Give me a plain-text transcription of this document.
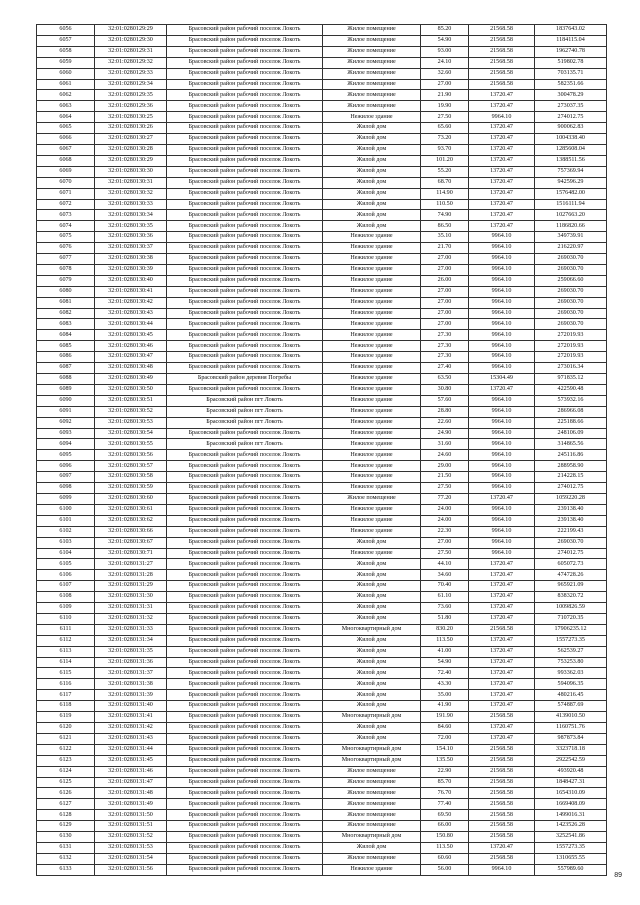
6056	32:01:0280129:29	Брасовский район рабочий поселок Локоть	Жилое помещение	85.20	21568.58	1837643.02
6057	32:01:0280129:30	Брасовский район рабочий поселок Локоть	Жилое помещение	54.90	21568.58	1184115.04
6058	32:01:0280129:31	Брасовский район рабочий поселок Локоть	Жилое помещение	93.00	21568.58	1962740.78
6059	32:01:0280129:32	Брасовский район рабочий поселок Локоть	Жилое помещение	24.10	21568.58	519802.78
6060	32:01:0280129:33	Брасовский район рабочий поселок Локоть	Жилое помещение	32.60	21568.58	703135.71
6061	32:01:0280129:34	Брасовский район рабочий поселок Локоть	Жилое помещение	27.00	21568.58	582351.66
6062	32:01:0280129:35	Брасовский район рабочий поселок Локоть	Жилое помещение	21.90	13720.47	300478.29
6063	32:01:0280129:36	Брасовский район рабочий поселок Локоть	Жилое помещение	19.90	13720.47	273037.35
6064	32:01:0280130:25	Брасовский район рабочий поселок Локоть	Нежилое здание	27.50	9964.10	274012.75
6065	32:01:0280130:26	Брасовский район рабочий поселок Локоть	Жилой дом	65.60	13720.47	900062.83
6066	32:01:0280130:27	Брасовский район рабочий поселок Локоть	Жилой дом	73.20	13720.47	1004338.40
6067	32:01:0280130:28	Брасовский район рабочий поселок Локоть	Жилой дом	93.70	13720.47	1285608.04
6068	32:01:0280130:29	Брасовский район рабочий поселок Локоть	Жилой дом	101.20	13720.47	1388511.56
6069	32:01:0280130:30	Брасовский район рабочий поселок Локоть	Жилой дом	55.20	13720.47	757369.94
6070	32:01:0280130:31	Брасовский район рабочий поселок Локоть	Жилой дом	68.70	13720.47	942596.29
6071	32:01:0280130:32	Брасовский район рабочий поселок Локоть	Жилой дом	114.90	13720.47	1576482.00
6072	32:01:0280130:33	Брасовский район рабочий поселок Локоть	Жилой дом	110.50	13720.47	1516111.94
6073	32:01:0280130:34	Брасовский район рабочий поселок Локоть	Жилой дом	74.90	13720.47	1027663.20
6074	32:01:0280130:35	Брасовский район рабочий поселок Локоть	Жилой дом	86.50	13720.47	1186820.66
6075	32:01:0280130:36	Брасовский район рабочий поселок Локоть	Нежилое здание	35.10	9964.10	349739.91
6076	32:01:0280130:37	Брасовский район рабочий поселок Локоть	Нежилое здание	21.70	9964.10	216220.97
6077	32:01:0280130:38	Брасовский район рабочий поселок Локоть	Нежилое здание	27.00	9964.10	269030.70
6078	32:01:0280130:39	Брасовский район рабочий поселок Локоть	Нежилое здание	27.00	9964.10	269030.70
6079	32:01:0280130:40	Брасовский район рабочий поселок Локоть	Нежилое здание	26.00	9964.10	259066.60
6080	32:01:0280130:41	Брасовский район рабочий поселок Локоть	Нежилое здание	27.00	9964.10	269030.70
6081	32:01:0280130:42	Брасовский район рабочий поселок Локоть	Нежилое здание	27.00	9964.10	269030.70
6082	32:01:0280130:43	Брасовский район рабочий поселок Локоть	Нежилое здание	27.00	9964.10	269030.70
6083	32:01:0280130:44	Брасовский район рабочий поселок Локоть	Нежилое здание	27.00	9964.10	269030.70
6084	32:01:0280130:45	Брасовский район рабочий поселок Локоть	Нежилое здание	27.30	9964.10	272019.93
6085	32:01:0280130:46	Брасовский район рабочий поселок Локоть	Нежилое здание	27.30	9964.10	272019.93
6086	32:01:0280130:47	Брасовский район рабочий поселок Локоть	Нежилое здание	27.30	9964.10	272019.93
6087	32:01:0280130:48	Брасовский район рабочий поселок Локоть	Нежилое здание	27.40	9964.10	273016.34
6088	32:01:0280130:49	Брасовский район деревня Погребы	Нежилое здание	63.50	15304.49	971835.12
6089	32:01:0280130:50	Брасовский район рабочий поселок Локоть	Нежилое здание	30.80	13720.47	422590.48
6090	32:01:0280130:51	Брасовский район пгт Локоть	Нежилое здание	57.60	9964.10	573932.16
6091	32:01:0280130:52	Брасовский район пгт Локоть	Нежилое здание	28.80	9964.10	286966.08
6092	32:01:0280130:53	Брасовский район пгт Локоть	Нежилое здание	22.60	9964.10	225188.66
6093	32:01:0280130:54	Брасовский район рабочий поселок Локоть	Нежилое здание	24.90	9964.10	248106.09
6094	32:01:0280130:55	Брасовский район пгт Локоть	Нежилое здание	31.60	9964.10	314865.56
6095	32:01:0280130:56	Брасовский район рабочий поселок Локоть	Нежилое здание	24.60	9964.10	245116.86
6096	32:01:0280130:57	Брасовский район рабочий поселок Локоть	Нежилое здание	29.00	9964.10	288958.90
6097	32:01:0280130:58	Брасовский район рабочий поселок Локоть	Нежилое здание	21.50	9964.10	214228.15
6098	32:01:0280130:59	Брасовский район рабочий поселок Локоть	Нежилое здание	27.50	9964.10	274012.75
6099	32:01:0280130:60	Брасовский район рабочий поселок Локоть	Жилое помещение	77.20	13720.47	1059220.28
6100	32:01:0280130:61	Брасовский район рабочий поселок Локоть	Нежилое здание	24.00	9964.10	239138.40
6101	32:01:0280130:62	Брасовский район рабочий поселок Локоть	Нежилое здание	24.00	9964.10	239138.40
6102	32:01:0280130:66	Брасовский район рабочий поселок Локоть	Нежилое здание	22.30	9964.10	222199.43
6103	32:01:0280130:67	Брасовский район рабочий поселок Локоть	Жилой дом	27.00	9964.10	269030.70
6104	32:01:0280130:71	Брасовский район рабочий поселок Локоть	Нежилое здание	27.50	9964.10	274012.75
6105	32:01:0280131:27	Брасовский район рабочий поселок Локоть	Жилой дом	44.10	13720.47	605072.73
6106	32:01:0280131:28	Брасовский район рабочий поселок Локоть	Жилой дом	34.60	13720.47	474728.26
6107	32:01:0280131:29	Брасовский район рабочий поселок Локоть	Жилой дом	70.40	13720.47	965921.09
6108	32:01:0280131:30	Брасовский район рабочий поселок Локоть	Жилой дом	61.10	13720.47	838320.72
6109	32:01:0280131:31	Брасовский район рабочий поселок Локоть	Жилой дом	73.60	13720.47	1009826.59
6110	32:01:0280131:32	Брасовский район рабочий поселок Локоть	Жилой дом	51.80	13720.47	710720.35
6111	32:01:0280131:33	Брасовский район рабочий поселок Локоть	Многоквартирный дом	830.20	21568.58	17906235.12
6112	32:01:0280131:34	Брасовский район рабочий поселок Локоть	Жилой дом	113.50	13720.47	1557273.35
6113	32:01:0280131:35	Брасовский район рабочий поселок Локоть	Жилой дом	41.00	13720.47	562539.27
6114	32:01:0280131:36	Брасовский район рабочий поселок Локоть	Жилой дом	54.90	13720.47	753253.80
6115	32:01:0280131:37	Брасовский район рабочий поселок Локоть	Жилой дом	72.40	13720.47	993362.03
6116	32:01:0280131:38	Брасовский район рабочий поселок Локоть	Жилой дом	43.30	13720.47	594096.35
6117	32:01:0280131:39	Брасовский район рабочий поселок Локоть	Жилой дом	35.00	13720.47	480216.45
6118	32:01:0280131:40	Брасовский район рабочий поселок Локоть	Жилой дом	41.90	13720.47	574887.69
6119	32:01:0280131:41	Брасовский район рабочий поселок Локоть	Многоквартирный дом	191.90	21568.58	4139010.50
6120	32:01:0280131:42	Брасовский район рабочий поселок Локоть	Жилой дом	84.60	13720.47	1160751.76
6121	32:01:0280131:43	Брасовский район рабочий поселок Локоть	Жилой дом	72.00	13720.47	987873.84
6122	32:01:0280131:44	Брасовский район рабочий поселок Локоть	Многоквартирный дом	154.10	21568.58	3323718.18
6123	32:01:0280131:45	Брасовский район рабочий поселок Локоть	Многоквартирный дом	135.50	21568.58	2922542.59
6124	32:01:0280131:46	Брасовский район рабочий поселок Локоть	Жилое помещение	22.90	21568.58	493920.48
6125	32:01:0280131:47	Брасовский район рабочий поселок Локоть	Жилое помещение	85.70	21568.58	1848427.31
6126	32:01:0280131:48	Брасовский район рабочий поселок Локоть	Жилое помещение	76.70	21568.58	1654310.09
6127	32:01:0280131:49	Брасовский район рабочий поселок Локоть	Жилое помещение	77.40	21568.58	1669408.09
6128	32:01:0280131:50	Брасовский район рабочий поселок Локоть	Жилое помещение	69.50	21568.58	1499016.31
6129	32:01:0280131:51	Брасовский район рабочий поселок Локоть	Жилое помещение	66.00	21568.58	1423526.28
6130	32:01:0280131:52	Брасовский район рабочий поселок Локоть	Многоквартирный дом	150.80	21568.58	3252541.86
6131	32:01:0280131:53	Брасовский район рабочий поселок Локоть	Жилой дом	113.50	13720.47	1557273.35
6132	32:01:0280131:54	Брасовский район рабочий поселок Локоть	Жилое помещение	60.60	21568.58	1310655.55
6133	32:01:0280131:56	Брасовский район рабочий поселок Локоть	Нежилое здание	56.00	9964.10	557989.60
89
